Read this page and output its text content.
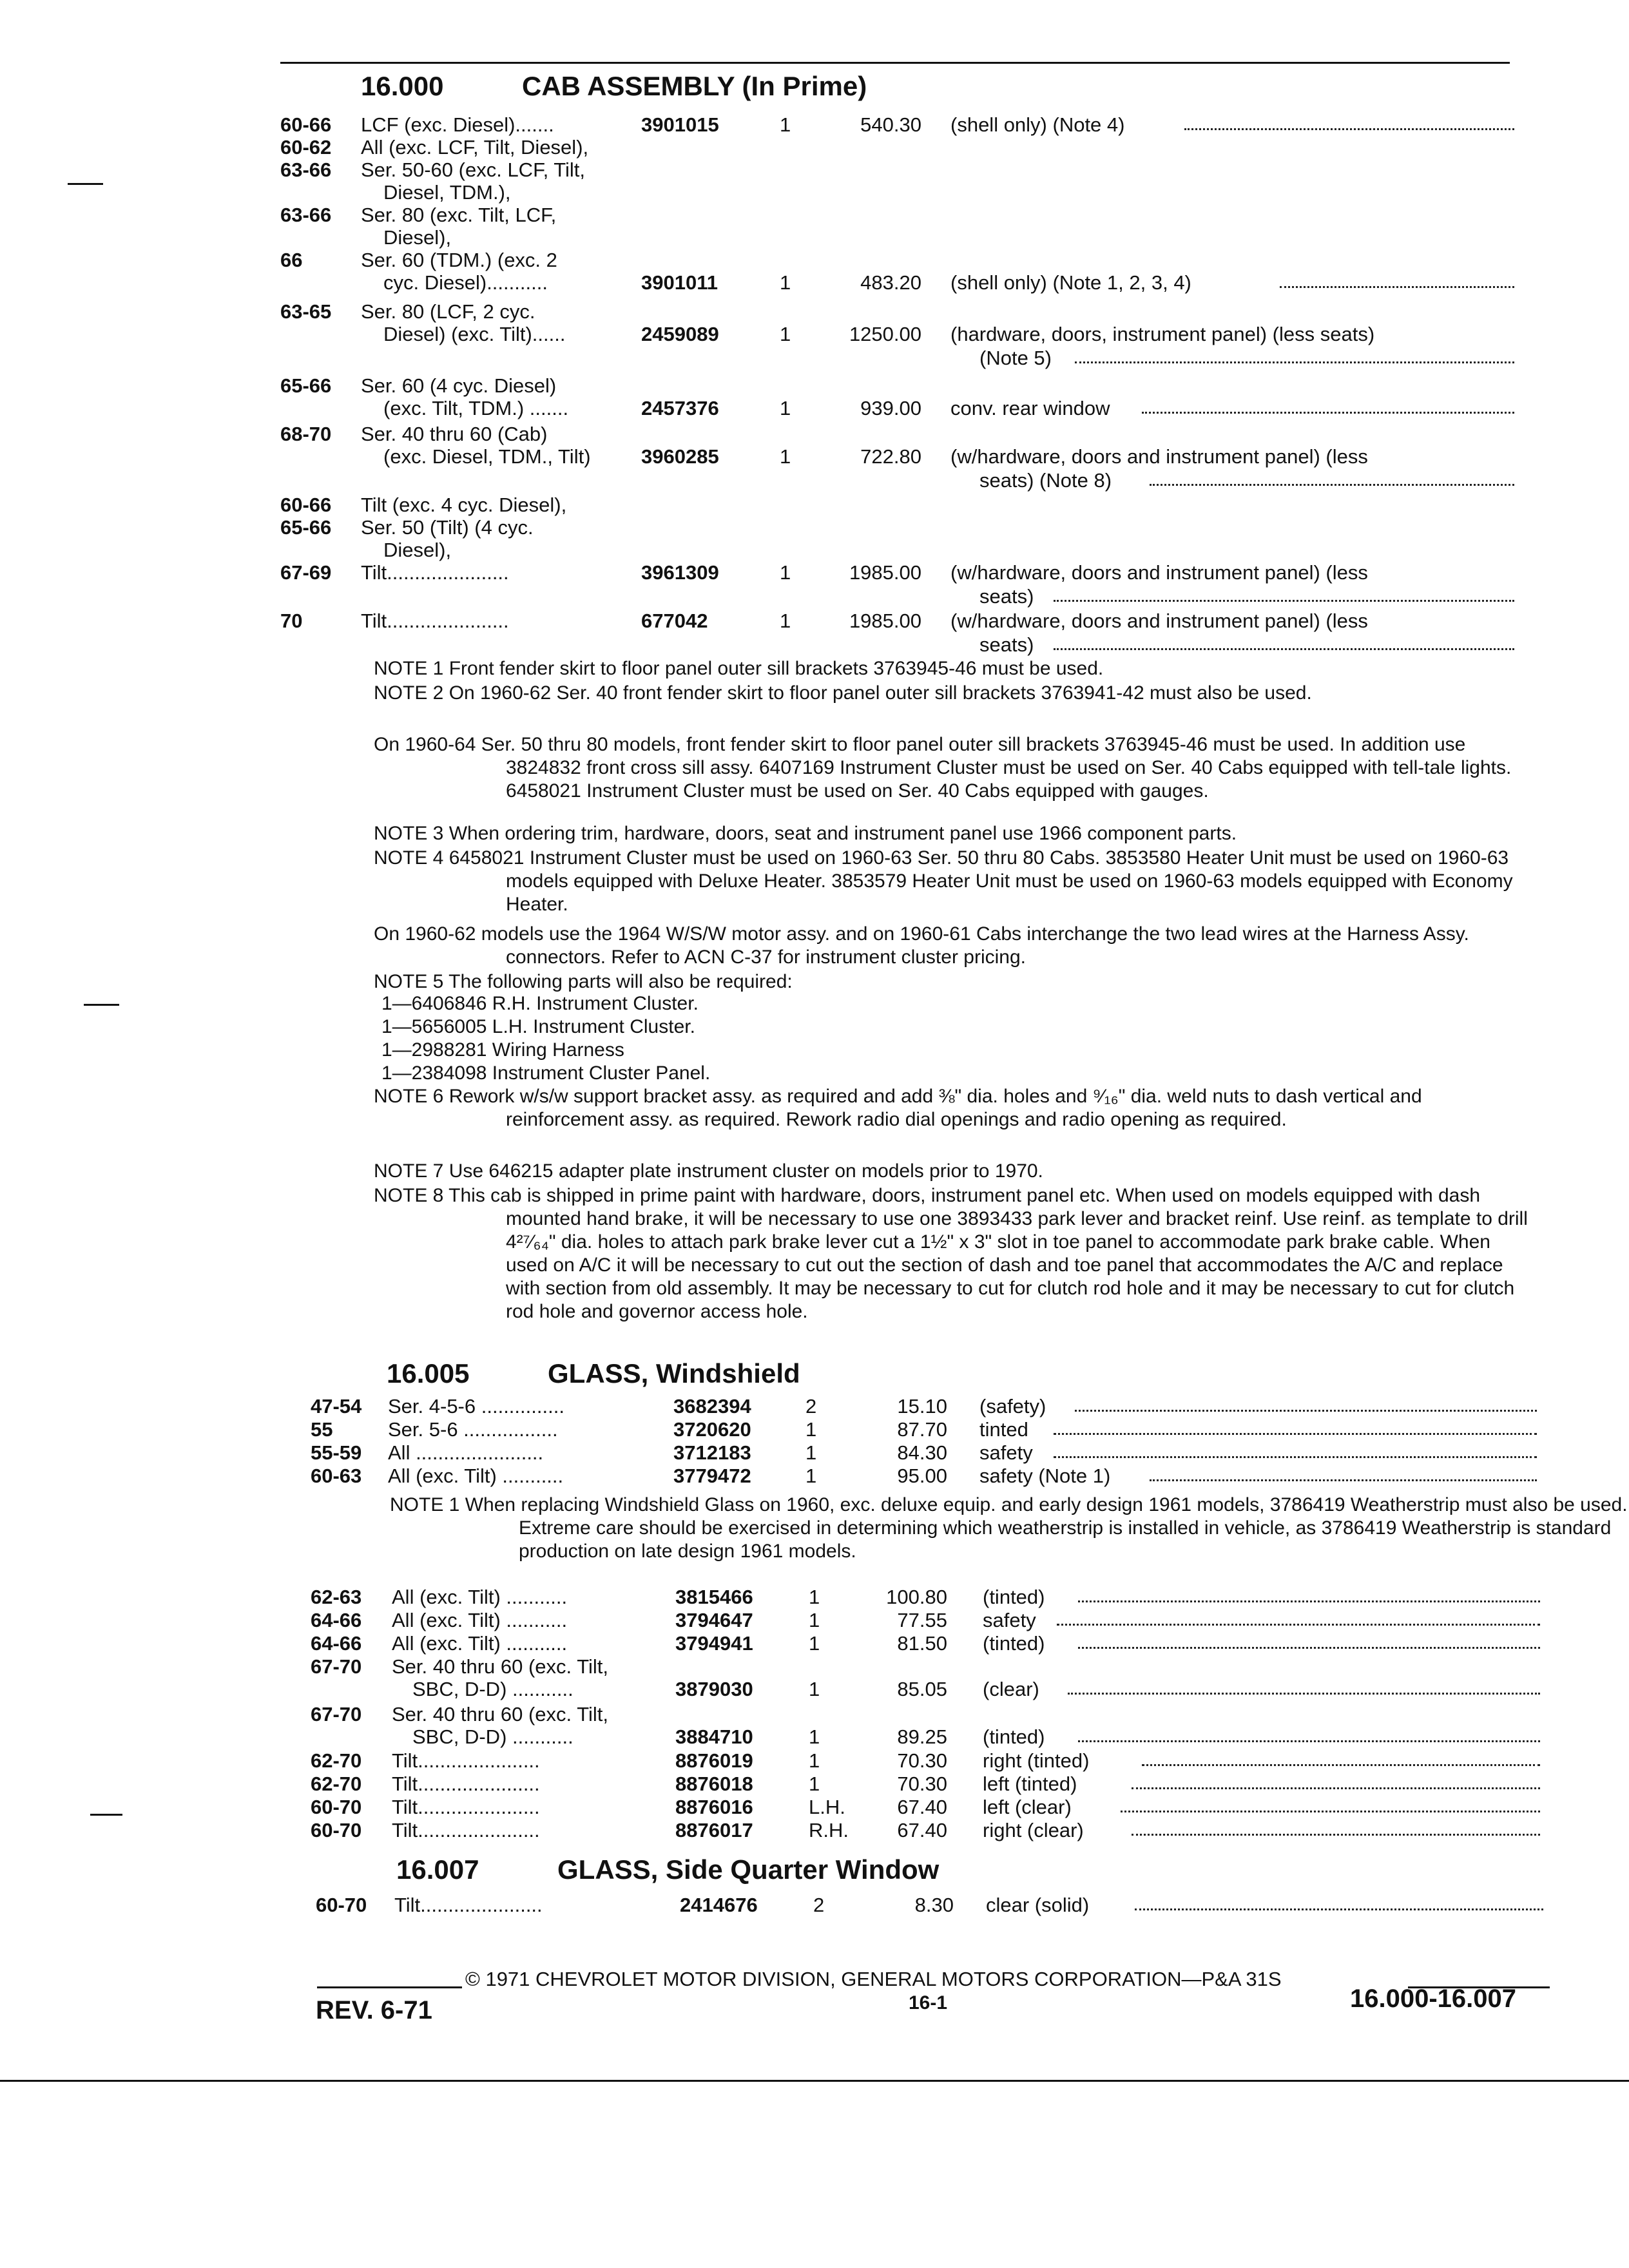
16.000	CAB ASSEMBLY (In Prime)
60-66 LCF (exc. Diesel).......	3901015	1	540.30 (shell only) (Note 4)
60-62 All (exc. LCF, Tilt, Diesel),
63-66 Ser. 50-60 (exc. LCF, Tilt,
Diesel, TDM.),
63-66 Ser. 80 (exc. Tilt, LCF,
Diesel),
66	Ser. 60 (TDM.) (exc. 2
cyc. Diesel)...........	3901011	1	483.20 (shell only) (Note 1, 2, 3, 4)
63-65 Ser. 80 (LCF, 2 cyc.
Diesel) (exc. Tilt)......	2459089	1	1250.00 (hardware, doors, instrument panel) (less seats)
(Note 5)
65-66 Ser. 60 (4 cyc. Diesel)
(exc. Tilt, TDM.) .......	2457376	1	939.00 conv. rear window
68-70 Ser. 40 thru 60 (Cab)
(exc. Diesel, TDM., Tilt)	3960285	1	722.80 (w/hardware, doors and instrument panel) (less
seats) (Note 8)
60-66 Tilt (exc. 4 cyc. Diesel),
65-66 Ser. 50 (Tilt) (4 cyc.
Diesel),
67-69 Tilt......................	3961309	1	1985.00 (w/hardware, doors and instrument panel) (less
seats)
70	Tilt......................	677042	1	1985.00 (w/hardware, doors and instrument panel) (less
seats)
NOTE 1 Front fender skirt to floor panel outer sill brackets 3763945-46 must be used.
NOTE 2 On 1960-62 Ser. 40 front fender skirt to floor panel outer sill brackets 3763941-42 must also be used.
On 1960-64 Ser. 50 thru 80 models, front fender skirt to floor panel outer sill brackets 3763945-46 must be used. In addition use 3824832 front cross sill assy. 6407169 Instrument Cluster must be used on Ser. 40 Cabs equipped with tell-tale lights. 6458021 Instrument Cluster must be used on Ser. 40 Cabs equipped with gauges.
NOTE 3 When ordering trim, hardware, doors, seat and instrument panel use 1966 component parts.
NOTE 4 6458021 Instrument Cluster must be used on 1960-63 Ser. 50 thru 80 Cabs. 3853580 Heater Unit must be used on 1960-63 models equipped with Deluxe Heater. 3853579 Heater Unit must be used on 1960-63 models equipped with Economy Heater.
On 1960-62 models use the 1964 W/S/W motor assy. and on 1960-61 Cabs interchange the two lead wires at the Harness Assy. connectors. Refer to ACN C-37 for instrument cluster pricing.
NOTE 5 The following parts will also be required:
1—6406846 R.H. Instrument Cluster.
1—5656005 L.H. Instrument Cluster.
1—2988281 Wiring Harness
1—2384098 Instrument Cluster Panel.
NOTE 6 Rework w/s/w support bracket assy. as required and add ⅜" dia. holes and ⁹⁄₁₆" dia. weld nuts to dash vertical and reinforcement assy. as required. Rework radio dial openings and radio opening as required.
NOTE 7 Use 646215 adapter plate instrument cluster on models prior to 1970.
NOTE 8 This cab is shipped in prime paint with hardware, doors, instrument panel etc. When used on models equipped with dash mounted hand brake, it will be necessary to use one 3893433 park lever and bracket reinf. Use reinf. as template to drill 4²⁷⁄₆₄" dia. holes to attach park brake lever cut a 1½" x 3" slot in toe panel to accommodate park brake cable. When used on A/C it will be necessary to cut out the section of dash and toe panel that accommodates the A/C and replace with section from old assembly. It may be necessary to cut for clutch rod hole and it may be necessary to cut for clutch rod hole and governor access hole.
16.005	GLASS, Windshield
47-54 Ser. 4-5-6 ...............	3682394	2	15.10 (safety)
55	Ser. 5-6 .................	3720620	1	87.70 tinted
55-59 All .......................	3712183	1	84.30 safety
60-63 All (exc. Tilt) ...........	3779472	1	95.00 safety (Note 1)
NOTE 1 When replacing Windshield Glass on 1960, exc. deluxe equip. and early design 1961 models, 3786419 Weatherstrip must also be used. Extreme care should be exercised in determining which weatherstrip is installed in vehicle, as 3786419 Weatherstrip is standard production on late design 1961 models.
62-63 All (exc. Tilt) ...........	3815466	1	100.80 (tinted)
64-66 All (exc. Tilt) ...........	3794647	1	77.55 safety
64-66 All (exc. Tilt) ...........	3794941	1	81.50 (tinted)
67-70 Ser. 40 thru 60 (exc. Tilt,
SBC, D-D) ...........	3879030	1	85.05 (clear)
67-70 Ser. 40 thru 60 (exc. Tilt,
SBC, D-D) ...........	3884710	1	89.25 (tinted)
62-70 Tilt......................	8876019	1	70.30 right (tinted)
62-70 Tilt......................	8876018	1	70.30 left (tinted)
60-70 Tilt......................	8876016	L.H.	67.40 left (clear)
60-70 Tilt......................	8876017	R.H.	67.40 right (clear)
16.007	GLASS, Side Quarter Window
60-70 Tilt......................	2414676	2	8.30 clear (solid)
© 1971 CHEVROLET MOTOR DIVISION, GENERAL MOTORS CORPORATION—P&A 31S
REV. 6-71	16-1	16.000-16.007
